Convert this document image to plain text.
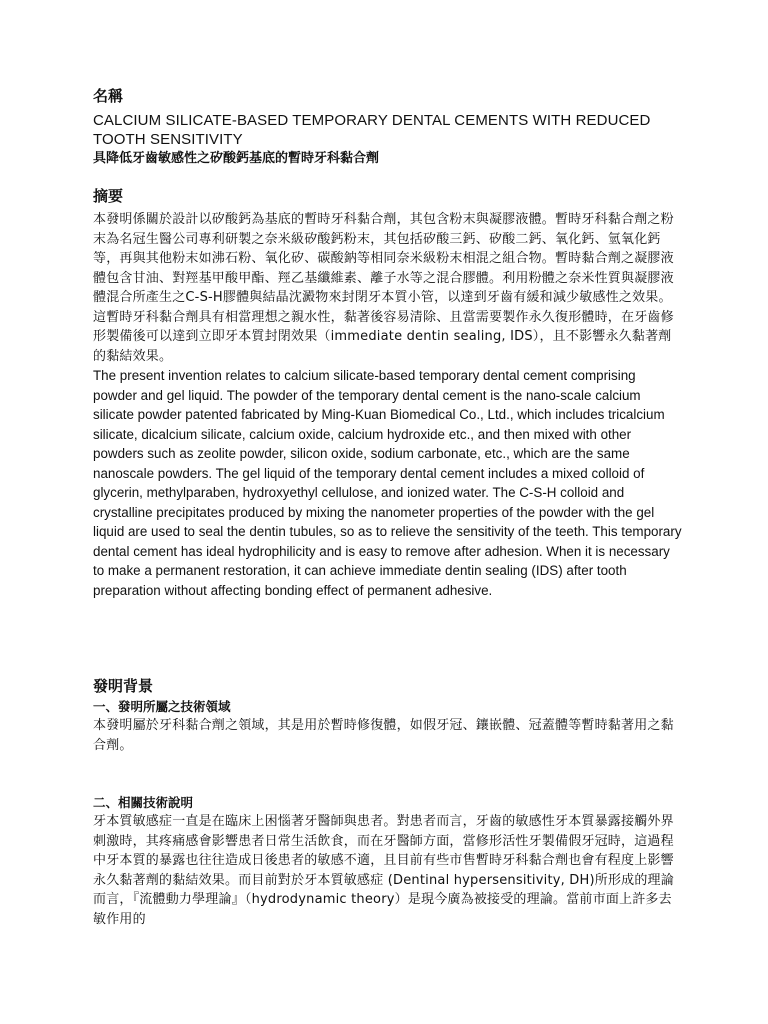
名稱

CALCIUM SILICATE-BASED TEMPORARY DENTAL CEMENTS WITH REDUCED TOOTH SENSITIVITY

具降低牙齒敏感性之矽酸鈣基底的暫時牙科黏合劑

摘要

本發明係關於設計以矽酸鈣為基底的暫時牙科黏合劑，其包含粉末與凝膠液體。暫時牙科黏合劑之粉末為名冠生醫公司專利研製之奈米級矽酸鈣粉末，其包括矽酸三鈣、矽酸二鈣、氧化鈣、氫氧化鈣等，再與其他粉末如沸石粉、氧化矽、碳酸鈉等相同奈米級粉末相混之組合物。暫時黏合劑之凝膠液體包含甘油、對羥基甲酸甲酯、羥乙基纖維素、離子水等之混合膠體。利用粉體之奈米性質與凝膠液體混合所產生之C-S-H膠體與結晶沈澱物來封閉牙本質小管，以達到牙齒有緩和減少敏感性之效果。這暫時牙科黏合劑具有相當理想之親水性，黏著後容易清除、且當需要製作永久復形體時，在牙齒修形製備後可以達到立即牙本質封閉效果（immediate dentin sealing, IDS），且不影響永久黏著劑的黏結效果。

The present invention relates to calcium silicate-based temporary dental cement comprising powder and gel liquid. The powder of the temporary dental cement is the nano-scale calcium silicate powder patented fabricated by Ming-Kuan Biomedical Co., Ltd., which includes tricalcium silicate, dicalcium silicate, calcium oxide, calcium hydroxide etc., and then mixed with other powders such as zeolite powder, silicon oxide, sodium carbonate, etc., which are the same nanoscale powders. The gel liquid of the temporary dental cement includes a mixed colloid of glycerin, methylparaben, hydroxyethyl cellulose, and ionized water. The C-S-H colloid and crystalline precipitates produced by mixing the nanometer properties of the powder with the gel liquid are used to seal the dentin tubules, so as to relieve the sensitivity of the teeth. This temporary dental cement has ideal hydrophilicity and is easy to remove after adhesion. When it is necessary to make a permanent restoration, it can achieve immediate dentin sealing (IDS) after tooth preparation without affecting bonding effect of permanent adhesive.

發明背景

一、發明所屬之技術領域

本發明屬於牙科黏合劑之領域，其是用於暫時修復體，如假牙冠、鑲嵌體、冠蓋體等暫時黏著用之黏合劑。

二、相關技術說明

牙本質敏感症一直是在臨床上困惱著牙醫師與患者。對患者而言，牙齒的敏感性牙本質暴露接觸外界刺激時，其疼痛感會影響患者日常生活飲食，而在牙醫師方面，當修形活性牙製備假牙冠時，這過程中牙本質的暴露也往往造成日後患者的敏感不適，且目前有些市售暫時牙科黏合劑也會有程度上影響永久黏著劑的黏結效果。而目前對於牙本質敏感症 (Dentinal hypersensitivity, DH)所形成的理論而言，『流體動力學理論』（hydrodynamic theory）是現今廣為被接受的理論。當前市面上許多去敏作用的
